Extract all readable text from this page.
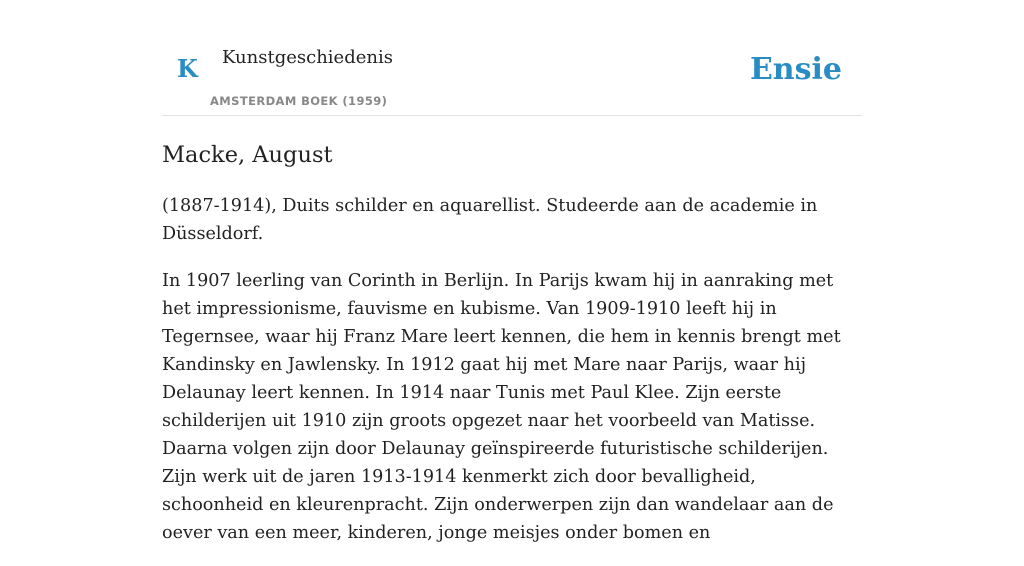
K Kunstgeschiedenis
AMSTERDAM BOEK (1959)
Ensie
Macke, August

(1887-1914), Duits schilder en aquarellist. Studeerde aan de academie in Düsseldorf.

In 1907 leerling van Corinth in Berlijn. In Parijs kwam hij in aanraking met het impressionisme, fauvisme en kubisme. Van 1909-1910 leeft hij in Tegernsee, waar hij Franz Mare leert kennen, die hem in kennis brengt met Kandinsky en Jawlensky. In 1912 gaat hij met Mare naar Parijs, waar hij Delaunay leert kennen. In 1914 naar Tunis met Paul Klee. Zijn eerste schilderijen uit 1910 zijn groots opgezet naar het voorbeeld van Matisse. Daarna volgen zijn door Delaunay geïnspireerde futuristische schilderijen. Zijn werk uit de jaren 1913-1914 kenmerkt zich door bevalligheid, schoonheid en kleurenpracht. Zijn onderwerpen zijn dan wandelaar aan de oever van een meer, kinderen, jonge meisjes onder bomen en
